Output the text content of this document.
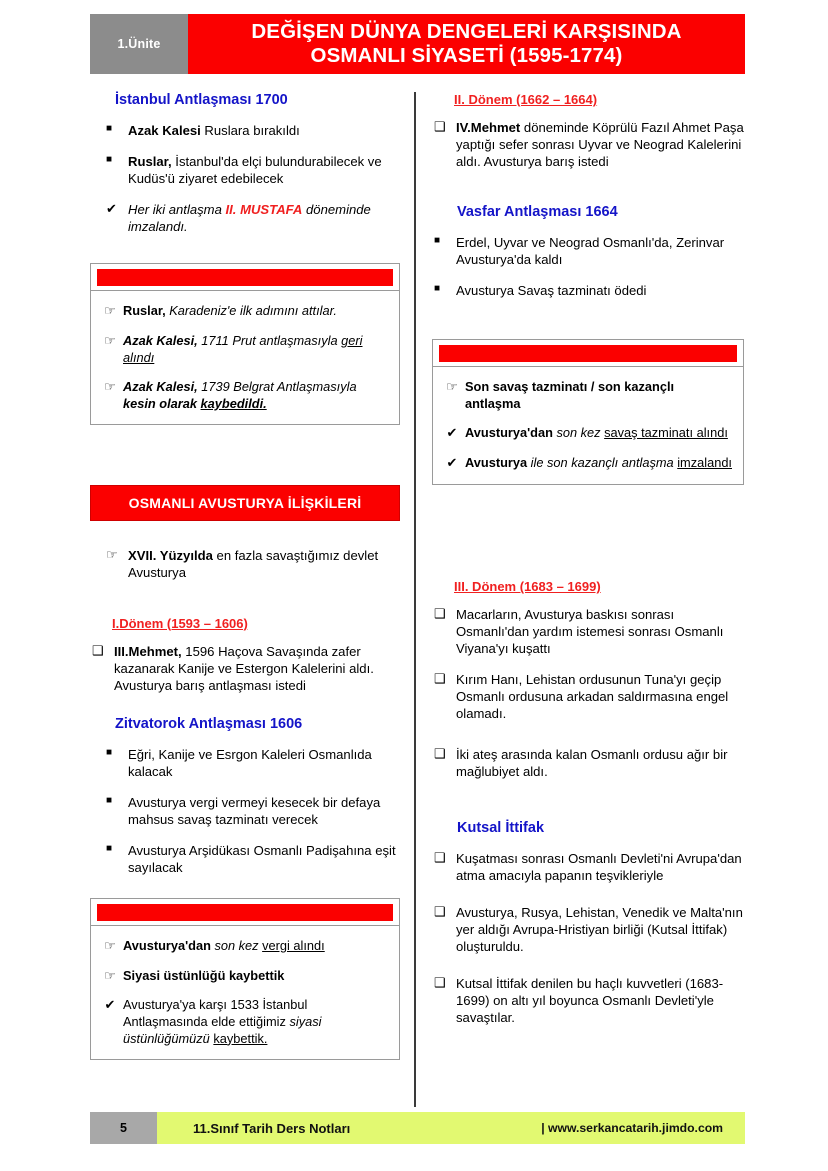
1.Ünite
DEĞİŞEN DÜNYA DENGELERİ KARŞISINDA
OSMANLI SİYASETİ (1595-1774)
İstanbul Antlaşması 1700
■	Azak Kalesi Ruslara bırakıldı
■	Ruslar, İstanbul'da elçi bulundurabilecek ve Kudüs'ü ziyaret edebilecek
✔ Her iki antlaşma II. MUSTAFA döneminde imzalandı.
☞ Ruslar, Karadeniz'e ilk adımını attılar.
☞ Azak Kalesi, 1711 Prut antlaşmasıyla geri alındı
☞ Azak Kalesi, 1739 Belgrat Antlaşmasıyla kesin olarak kaybedildi.
OSMANLI AVUSTURYA İLİŞKİLERİ
☞ XVII. Yüzyılda en fazla savaştığımız devlet Avusturya
I.Dönem (1593 – 1606)
❑ III.Mehmet, 1596 Haçova Savaşında zafer kazanarak Kanije ve Estergon Kalelerini aldı. Avusturya barış antlaşması istedi
Zitvatorok Antlaşması 1606
■	Eğri, Kanije ve Esrgon Kaleleri Osmanlıda kalacak
■	Avusturya vergi vermeyi kesecek bir defaya mahsus savaş tazminatı verecek
■	Avusturya Arşidükası Osmanlı Padişahına eşit sayılacak
☞ Avusturya'dan son kez vergi alındı
☞ Siyasi üstünlüğü kaybettik
✔ Avusturya'ya karşı 1533 İstanbul Antlaşmasında elde ettiğimiz siyasi üstünlüğümüzü kaybettik.
II. Dönem (1662 – 1664)
❑ IV.Mehmet döneminde Köprülü Fazıl Ahmet Paşa yaptığı sefer sonrası Uyvar ve Neograd Kalelerini aldı. Avusturya barış istedi
Vasfar Antlaşması 1664
■	Erdel, Uyvar ve Neograd Osmanlı'da, Zerinvar Avusturya'da kaldı
■	Avusturya Savaş tazminatı ödedi
☞ Son savaş tazminatı / son kazançlı antlaşma
✔ Avusturya'dan son kez savaş tazminatı alındı
✔ Avusturya ile son kazançlı antlaşma imzalandı
III. Dönem (1683 – 1699)
❑ Macarların, Avusturya baskısı sonrası Osmanlı'dan yardım istemesi sonrası Osmanlı Viyana'yı kuşattı
❑ Kırım Hanı, Lehistan ordusunun Tuna'yı geçip Osmanlı ordusuna arkadan saldırmasına engel olamadı.
❑ İki ateş arasında kalan Osmanlı ordusu ağır bir mağlubiyet aldı.
Kutsal İttifak
❑ Kuşatması sonrası Osmanlı Devleti'ni Avrupa'dan atma amacıyla papanın teşvikleriyle
❑ Avusturya, Rusya, Lehistan, Venedik ve Malta'nın yer aldığı Avrupa-Hristiyan birliği (Kutsal İttifak) oluşturuldu.
❑ Kutsal İttifak denilen bu haçlı kuvvetleri (1683- 1699) on altı yıl boyunca Osmanlı Devleti'yle savaştılar.
5	11.Sınıf Tarih Ders Notları	| www.serkancatarih.jimdo.com
